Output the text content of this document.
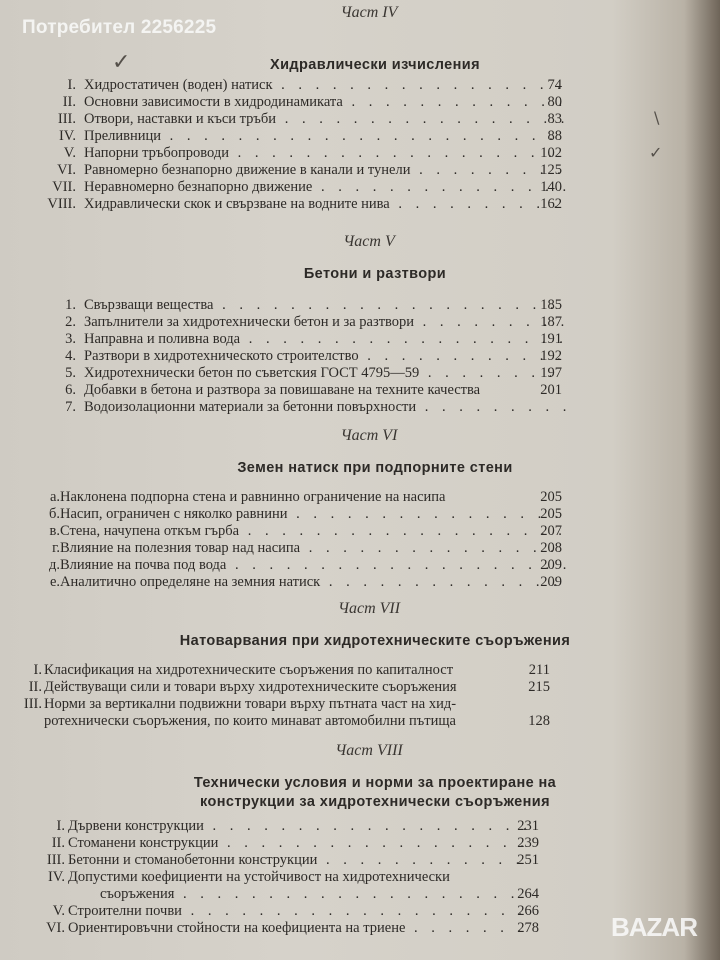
Потребител 2256225
Част IV
Хидравлически изчисления
✓
I. Хидростатичен (воден) натиск . . .	74
II. Основни зависимости в хидродинамиката . . .	80
III. Отвори, наставки и къси тръби . . .	83
IV. Преливници . . .	88
V. Напорни тръбопроводи . . .	102
VI. Равномерно безнапорно движение в канали и тунели . . .	125
VII. Неравномерно безнапорно движение . . .	140
VIII. Хидравлически скок и свързване на водните нива . . .	162
\
✓
Част V
Бетони и разтвори
1. Свързващи вещества . . .	185
2. Запълнители за хидротехнически бетон и за разтвори . . .	187
3. Направна и поливна вода . . .	191
4. Разтвори в хидротехническото строителство . . .	192
5. Хидротехнически бетон по съветския ГОСТ 4795—59 . . .	197
6. Добавки в бетона и разтвора за повишаване на техните качества	201
7. Водоизолационни материали за бетонни повърхности . . .
Част VI
Земен натиск при подпорните стени
а. Наклонена подпорна стена и равнинно ограничение на насипа	205
б. Насип, ограничен с няколко равнини . . .	205
в. Стена, начупена откъм гърба . . .	207
г. Влияние на полезния товар над насипа . . .	208
д. Влияние на почва под вода . . .	209
е. Аналитично определяне на земния натиск . . .	209
Част VII
Натоварвания при хидротехническите съоръжения
I. Класификация на хидротехническите съоръжения по капиталност	211
II. Действуващи сили и товари върху хидротехническите съоръжения	215
III. Норми за вертикални подвижни товари върху пътната част на хид-
ротехнически съоръжения, по които минават автомобилни пътища	128
Част VIII
Технически условия и норми за проектиране на
конструкции за хидротехнически съоръжения
I. Дървени конструкции . . .	231
II. Стоманени конструкции . . .	239
III. Бетонни и стоманобетонни конструкции . . .	251
IV. Допустими коефициенти на устойчивост на хидротехнически
съоръжения . . .	264
V. Строителни почви . . .	266
VI. Ориентировъчни стойности на коефициента на триене . . .	278	BAZAR
